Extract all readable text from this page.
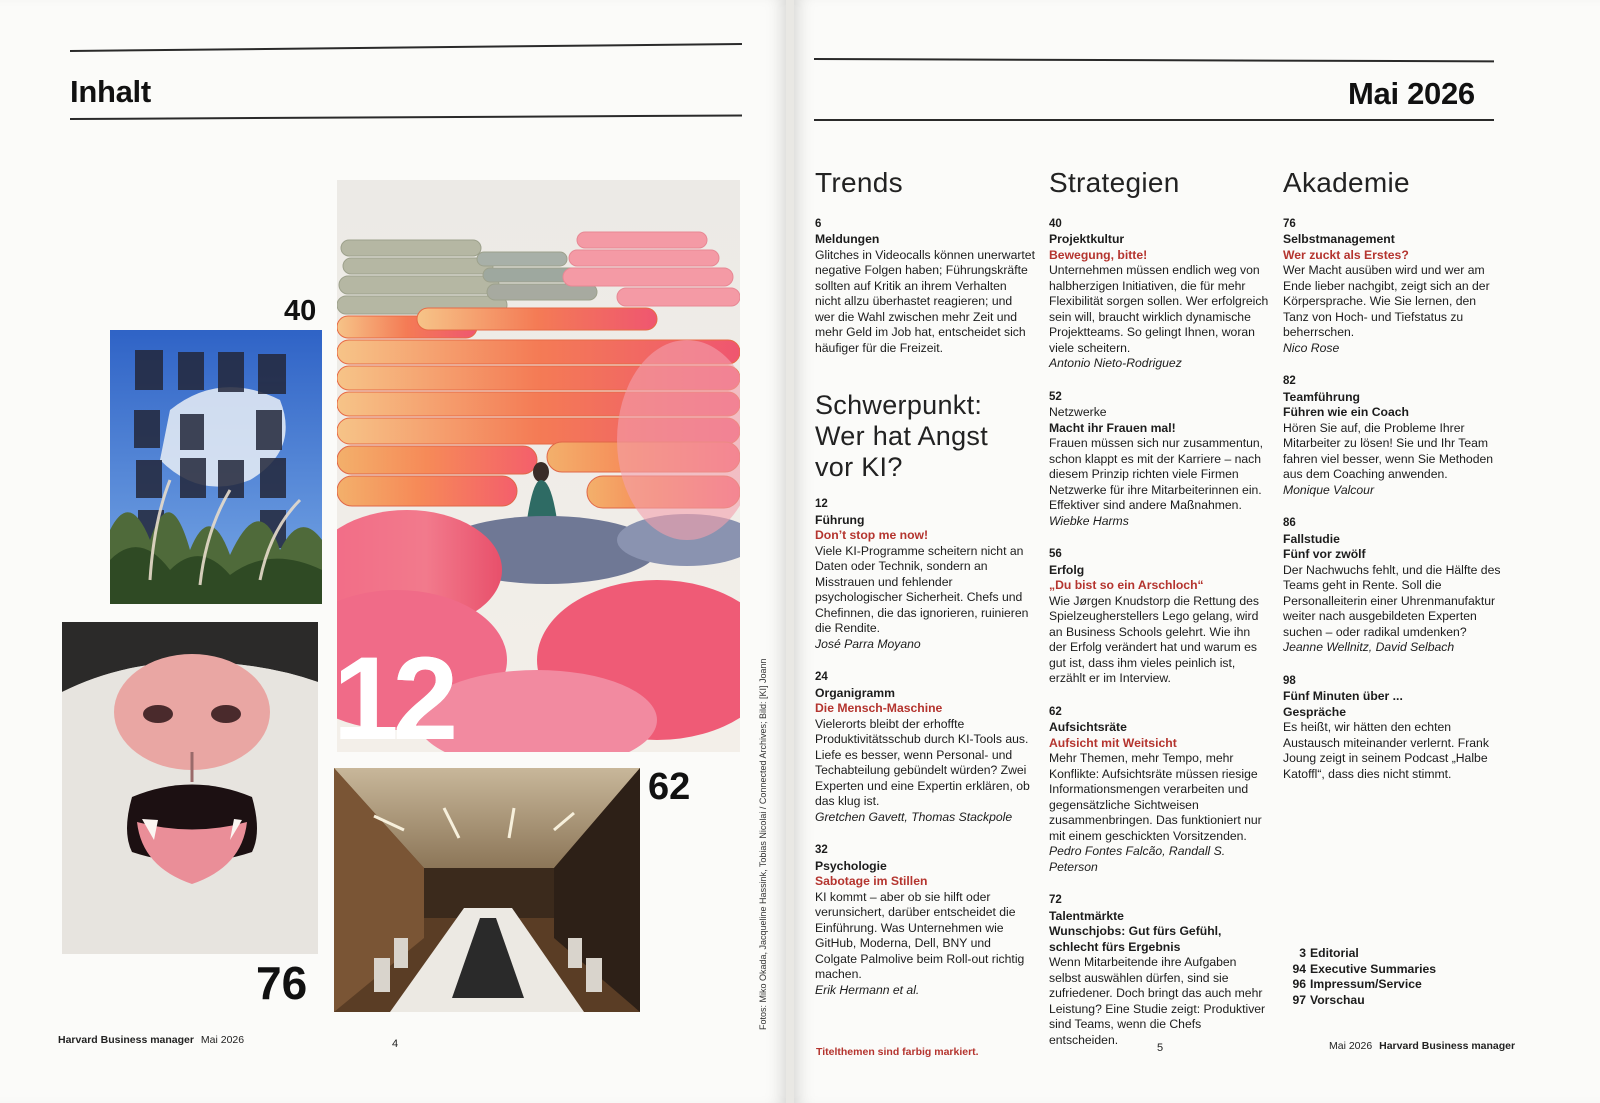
Inhalt
40
12
62
76	Fotos: Miko Okada, Jacqueline Hassink, Tobias Nicolai / Connected Archives; Bild: [KI] Joann
Harvard Business manager Mai 2026	4
Mai 2026
Trends
6
Meldungen

Glitches in Videocalls können unerwartet negative Folgen haben; Führungskräfte sollten auf Kritik an ihrem Verhalten nicht allzu überhastet reagieren; und wer die Wahl zwischen mehr Zeit und mehr Geld im Job hat, entscheidet sich häufiger für die Freizeit.

Schwerpunkt: Wer hat Angst vor KI?
12
Führung
Don’t stop me now!

Viele KI-Programme scheitern nicht an Daten oder Technik, sondern an Misstrauen und fehlender psychologischer Sicherheit. Chefs und Chefinnen, die das ignorieren, ruinieren die Rendite.

José Parra Moyano
24
Organigramm
Die Mensch-Maschine

Vielerorts bleibt der erhoffte Produktivitätsschub durch KI-Tools aus. Liefe es besser, wenn Personal- und Techabteilung gebündelt würden? Zwei Experten und eine Expertin erklären, ob das klug ist.

Gretchen Gavett, Thomas Stackpole
32
Psychologie
Sabotage im Stillen

KI kommt – aber ob sie hilft oder verunsichert, darüber entscheidet die Einführung. Was Unternehmen wie GitHub, Moderna, Dell, BNY und Colgate Palmolive beim Roll-out richtig machen.

Erik Hermann et al.
Strategien
40
Projektkultur
Bewegung, bitte!

Unternehmen müssen endlich weg von halbherzigen Initiativen, die für mehr Flexibilität sorgen sollen. Wer erfolgreich sein will, braucht wirklich dynamische Projektteams. So gelingt Ihnen, woran viele scheitern.

Antonio Nieto-Rodriguez
52
Netzwerke
Macht ihr Frauen mal!

Frauen müssen sich nur zusammentun, schon klappt es mit der Karriere – nach diesem Prinzip richten viele Firmen Netzwerke für ihre Mitarbeiterinnen ein. Effektiver sind andere Maßnahmen.

Wiebke Harms
56
Erfolg
„Du bist so ein Arschloch“

Wie Jørgen Knudstorp die Rettung des Spielzeugherstellers Lego gelang, wird an Business Schools gelehrt. Wie ihn der Erfolg verändert hat und warum es gut ist, dass ihm vieles peinlich ist, erzählt er im Interview.

62
Aufsichtsräte
Aufsicht mit Weitsicht

Mehr Themen, mehr Tempo, mehr Konflikte: Aufsichtsräte müssen riesige Informationsmengen verarbeiten und gegensätzliche Sichtweisen zusammenbringen. Das funktioniert nur mit einem geschickten Vorsitzenden.

Pedro Fontes Falcão, Randall S. Peterson
72
Talentmärkte
Wunschjobs: Gut fürs Gefühl, schlecht fürs Ergebnis

Wenn Mitarbeitende ihre Aufgaben selbst auswählen dürfen, sind sie zufriedener. Doch bringt das auch mehr Leistung? Eine Studie zeigt: Produktiver sind Teams, wenn die Chefs entscheiden.

Akademie
76
Selbstmanagement
Wer zuckt als Erstes?

Wer Macht ausüben wird und wer am Ende lieber nachgibt, zeigt sich an der Körpersprache. Wie Sie lernen, den Tanz von Hoch- und Tiefstatus zu beherrschen.

Nico Rose
82
Teamführung
Führen wie ein Coach

Hören Sie auf, die Probleme Ihrer Mitarbeiter zu lösen! Sie und Ihr Team fahren viel besser, wenn Sie Methoden aus dem Coaching anwenden.

Monique Valcour
86
Fallstudie
Fünf vor zwölf

Der Nachwuchs fehlt, und die Hälfte des Teams geht in Rente. Soll die Personalleiterin einer Uhrenmanufaktur weiter nach ausgebildeten Experten suchen – oder radikal umdenken?

Jeanne Wellnitz, David Selbach
98
Fünf Minuten über ...
Gespräche

Es heißt, wir hätten den echten Austausch miteinander verlernt. Frank Joung zeigt in seinem Podcast „Halbe Katoffl“, dass dies nicht stimmt.

3 Editorial
94 Executive Summaries
96 Impressum/Service
97 Vorschau
Titelthemen sind farbig markiert.	5	Mai 2026 Harvard Business manager
